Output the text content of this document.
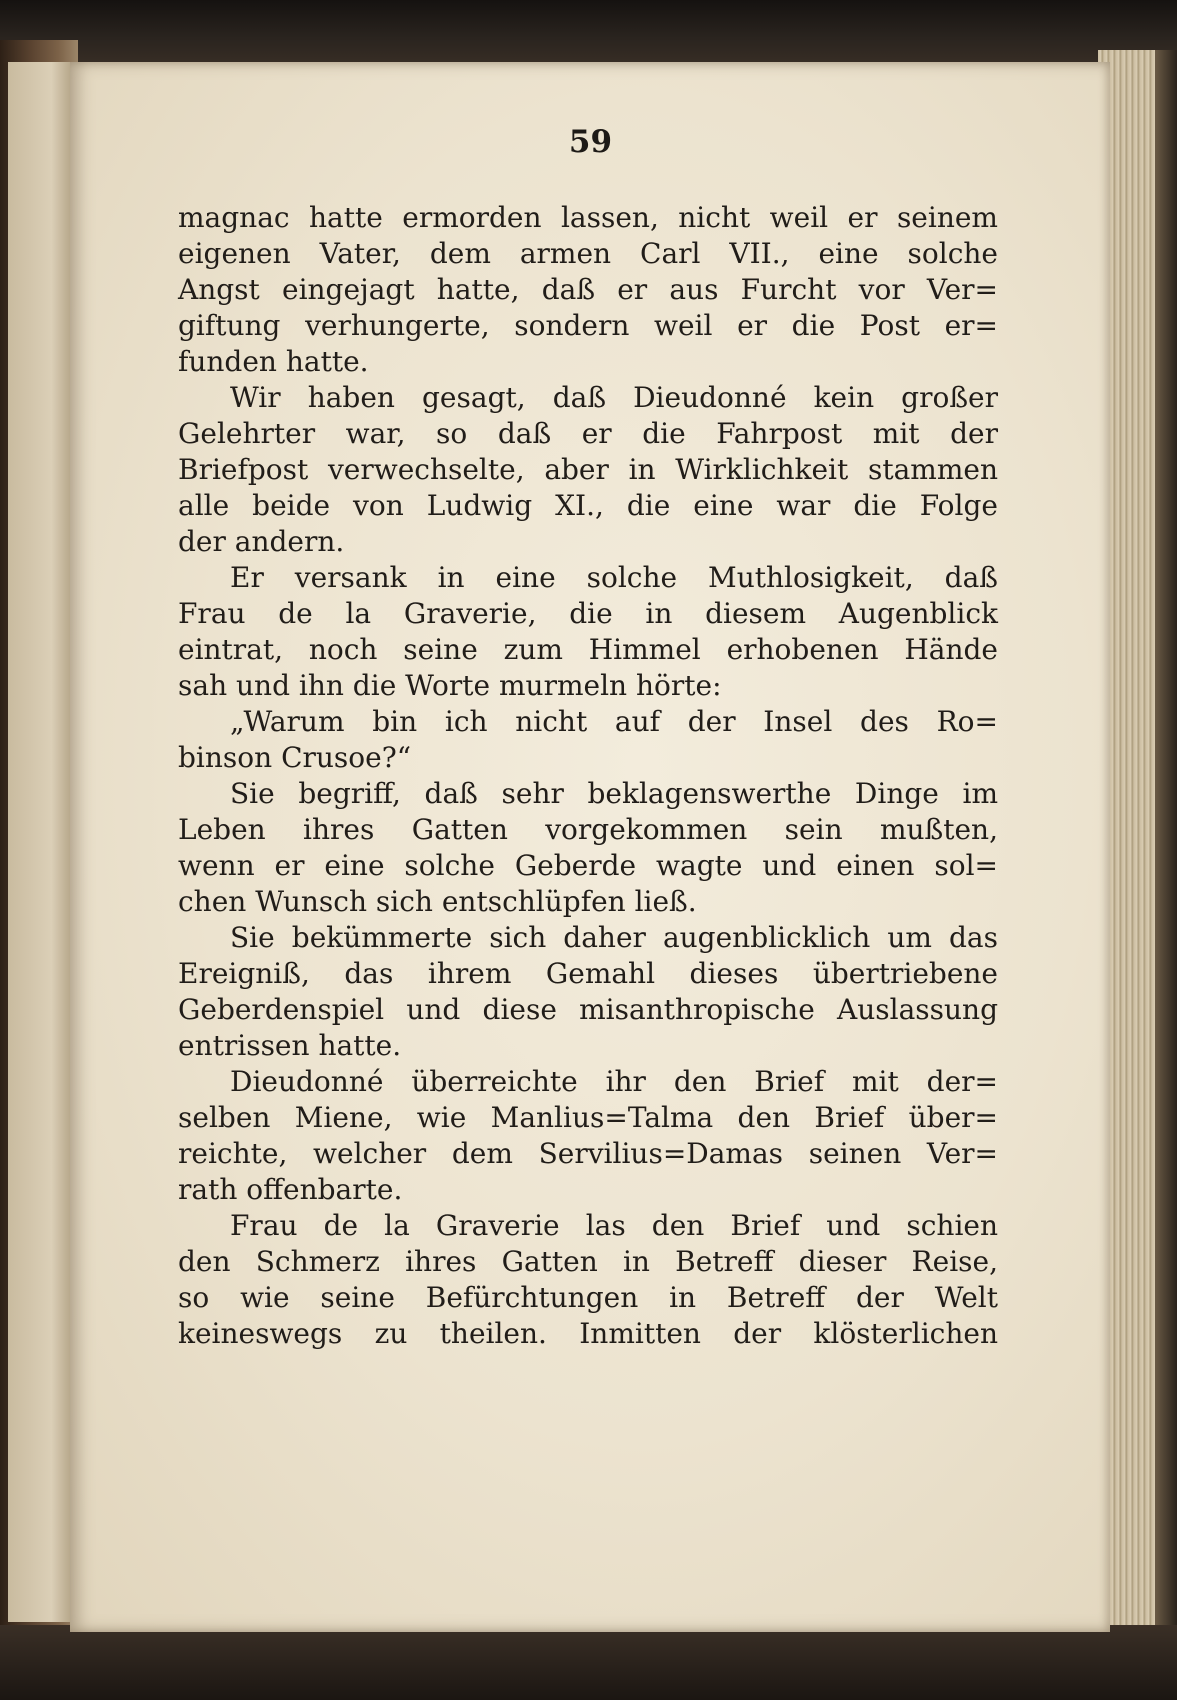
59
magnac hatte ermorden lassen, nicht weil er seinem
eigenen Vater, dem armen Carl VII., eine solche
Angst eingejagt hatte, daß er aus Furcht vor Ver=
giftung verhungerte, sondern weil er die Post er=
funden hatte.
Wir haben gesagt, daß Dieudonné kein großer
Gelehrter war, so daß er die Fahrpost mit der
Briefpost verwechselte, aber in Wirklichkeit stammen
alle beide von Ludwig XI., die eine war die Folge
der andern.
Er versank in eine solche Muthlosigkeit, daß
Frau de la Graverie, die in diesem Augenblick
eintrat, noch seine zum Himmel erhobenen Hände
sah und ihn die Worte murmeln hörte:
„Warum bin ich nicht auf der Insel des Ro=
binson Crusoe?“
Sie begriff, daß sehr beklagenswerthe Dinge im
Leben ihres Gatten vorgekommen sein mußten,
wenn er eine solche Geberde wagte und einen sol=
chen Wunsch sich entschlüpfen ließ.
Sie bekümmerte sich daher augenblicklich um das
Ereigniß, das ihrem Gemahl dieses übertriebene
Geberdenspiel und diese misanthropische Auslassung
entrissen hatte.
Dieudonné überreichte ihr den Brief mit der=
selben Miene, wie Manlius=Talma den Brief über=
reichte, welcher dem Servilius=Damas seinen Ver=
rath offenbarte.
Frau de la Graverie las den Brief und schien
den Schmerz ihres Gatten in Betreff dieser Reise,
so wie seine Befürchtungen in Betreff der Welt
keineswegs zu theilen. Inmitten der klösterlichen
